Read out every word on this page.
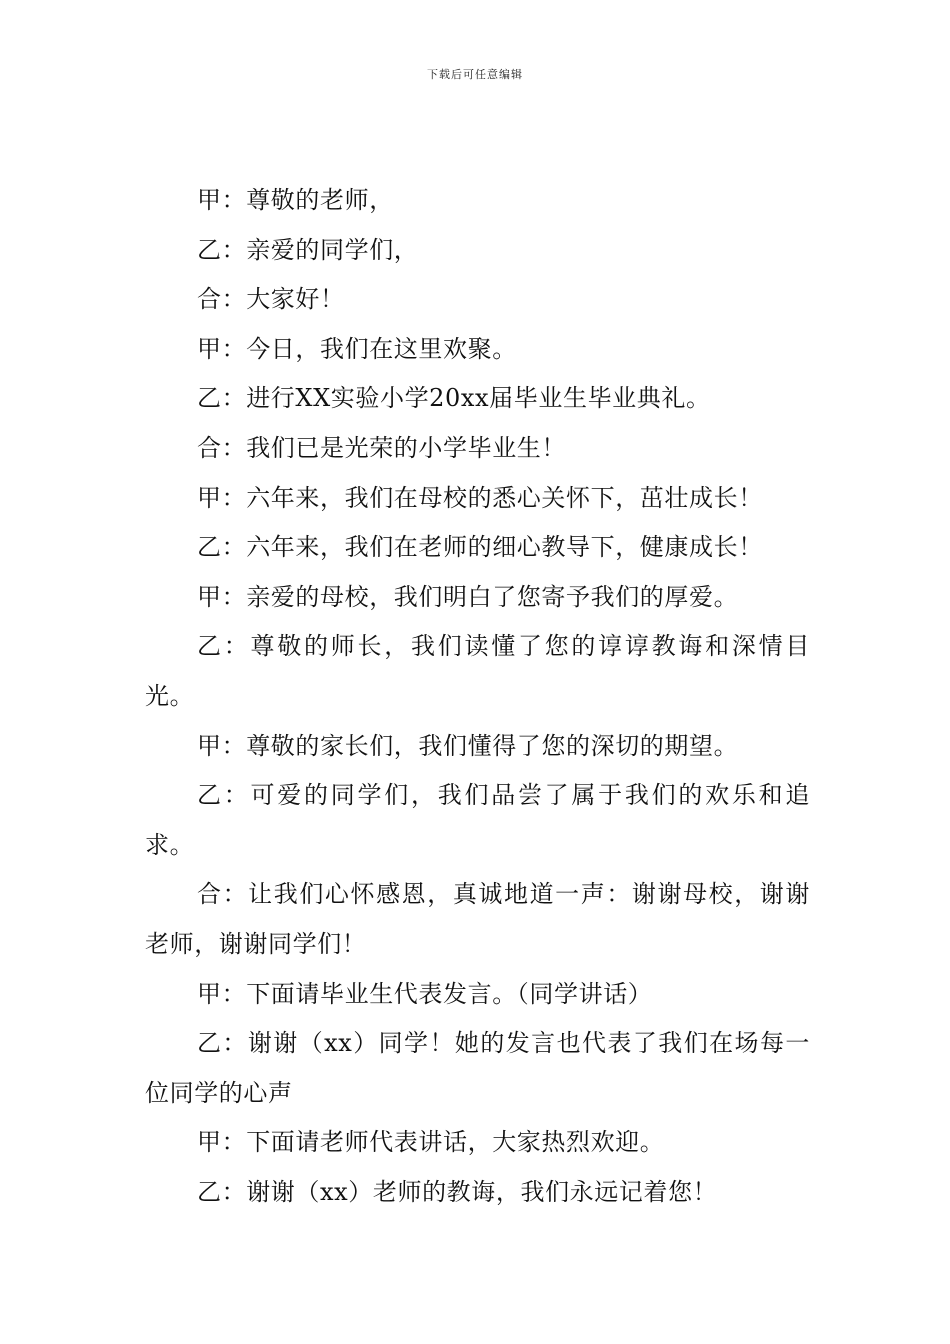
下载后可任意编辑

甲：尊敬的老师，

乙：亲爱的同学们，

合：大家好！

甲：今日，我们在这里欢聚。

乙：进行XX实验小学20xx届毕业生毕业典礼。

合：我们已是光荣的小学毕业生！

甲：六年来，我们在母校的悉心关怀下，茁壮成长！

乙：六年来，我们在老师的细心教导下，健康成长！

甲：亲爱的母校，我们明白了您寄予我们的厚爱。

乙：尊敬的师长，我们读懂了您的谆谆教诲和深情目光。

甲：尊敬的家长们，我们懂得了您的深切的期望。

乙：可爱的同学们，我们品尝了属于我们的欢乐和追求。

合：让我们心怀感恩，真诚地道一声：谢谢母校，谢谢老师，谢谢同学们！

甲：下面请毕业生代表发言。（同学讲话）

乙：谢谢（xx）同学！她的发言也代表了我们在场每一位同学的心声

甲：下面请老师代表讲话，大家热烈欢迎。

乙：谢谢（xx）老师的教诲，我们永远记着您！
